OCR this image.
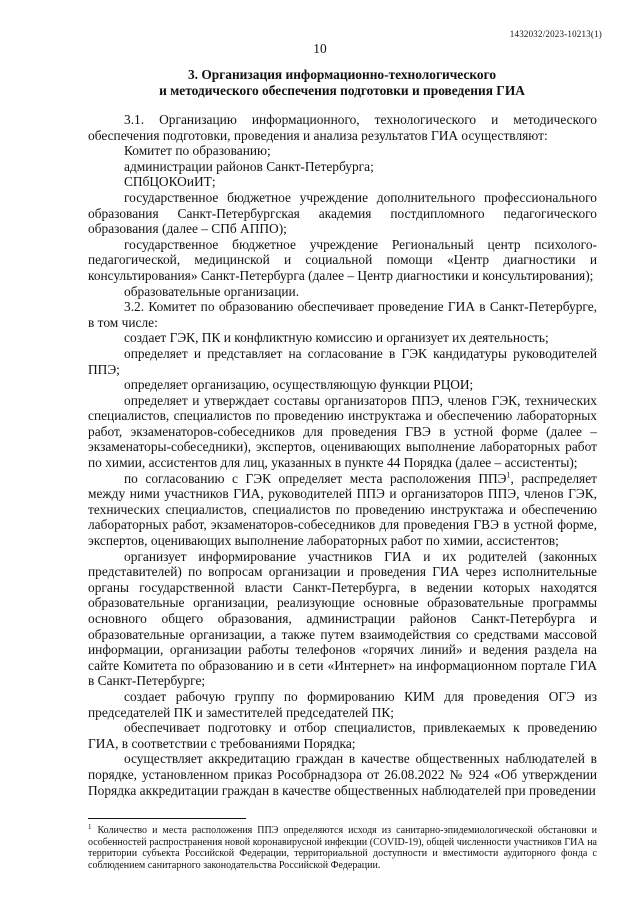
1432032/2023-10213(1)
10
3. Организация информационно-технологического
и методического обеспечения подготовки и проведения ГИА

3.1. Организацию информационного, технологического и методического обеспечения подготовки, проведения и анализа результатов ГИА осуществляют:

Комитет по образованию;

администрации районов Санкт-Петербурга;

СПбЦОКОиИТ;

государственное бюджетное учреждение дополнительного профессионального образования Санкт-Петербургская академия постдипломного педагогического образования (далее – СПб АППО);

государственное бюджетное учреждение Региональный центр психолого-педагогической, медицинской и социальной помощи «Центр диагностики и консультирования» Санкт-Петербурга (далее – Центр диагностики и консультирования);

образовательные организации.

3.2. Комитет по образованию обеспечивает проведение ГИА в Санкт-Петербурге, в том числе:

создает ГЭК, ПК и конфликтную комиссию и организует их деятельность;

определяет и представляет на согласование в ГЭК кандидатуры руководителей ППЭ;

определяет организацию, осуществляющую функции РЦОИ;

определяет и утверждает составы организаторов ППЭ, членов ГЭК, технических специалистов, специалистов по проведению инструктажа и обеспечению лабораторных работ, экзаменаторов-собеседников для проведения ГВЭ в устной форме (далее – экзаменаторы-собеседники), экспертов, оценивающих выполнение лабораторных работ по химии, ассистентов для лиц, указанных в пункте 44 Порядка (далее – ассистенты);

по согласованию с ГЭК определяет места расположения ППЭ$^1$, распределяет между ними участников ГИА, руководителей ППЭ и организаторов ППЭ, членов ГЭК, технических специалистов, специалистов по проведению инструктажа и обеспечению лабораторных работ, экзаменаторов-собеседников для проведения ГВЭ в устной форме, экспертов, оценивающих выполнение лабораторных работ по химии, ассистентов;

организует информирование участников ГИА и их родителей (законных представителей) по вопросам организации и проведения ГИА через исполнительные органы государственной власти Санкт-Петербурга, в ведении которых находятся образовательные организации, реализующие основные образовательные программы основного общего образования, администрации районов Санкт-Петербурга и образовательные организации, а также путем взаимодействия со средствами массовой информации, организации работы телефонов «горячих линий» и ведения раздела на сайте Комитета по образованию и в сети «Интернет» на информационном портале ГИА в Санкт-Петербурге;

создает рабочую группу по формированию КИМ для проведения ОГЭ из председателей ПК и заместителей председателей ПК;

обеспечивает подготовку и отбор специалистов, привлекаемых к проведению ГИА, в соответствии с требованиями Порядка;

осуществляет аккредитацию граждан в качестве общественных наблюдателей в порядке, установленном приказ Рособрнадзора от 26.08.2022 № 924 «Об утверждении Порядка аккредитации граждан в качестве общественных наблюдателей при проведении

$^1$ Количество и места расположения ППЭ определяются исходя из санитарно-эпидемиологической обстановки и особенностей распространения новой коронавирусной инфекции (COVID-19), общей численности участников ГИА на территории субъекта Российской Федерации, территориальной доступности и вместимости аудиторного фонда с соблюдением санитарного законодательства Российской Федерации.
